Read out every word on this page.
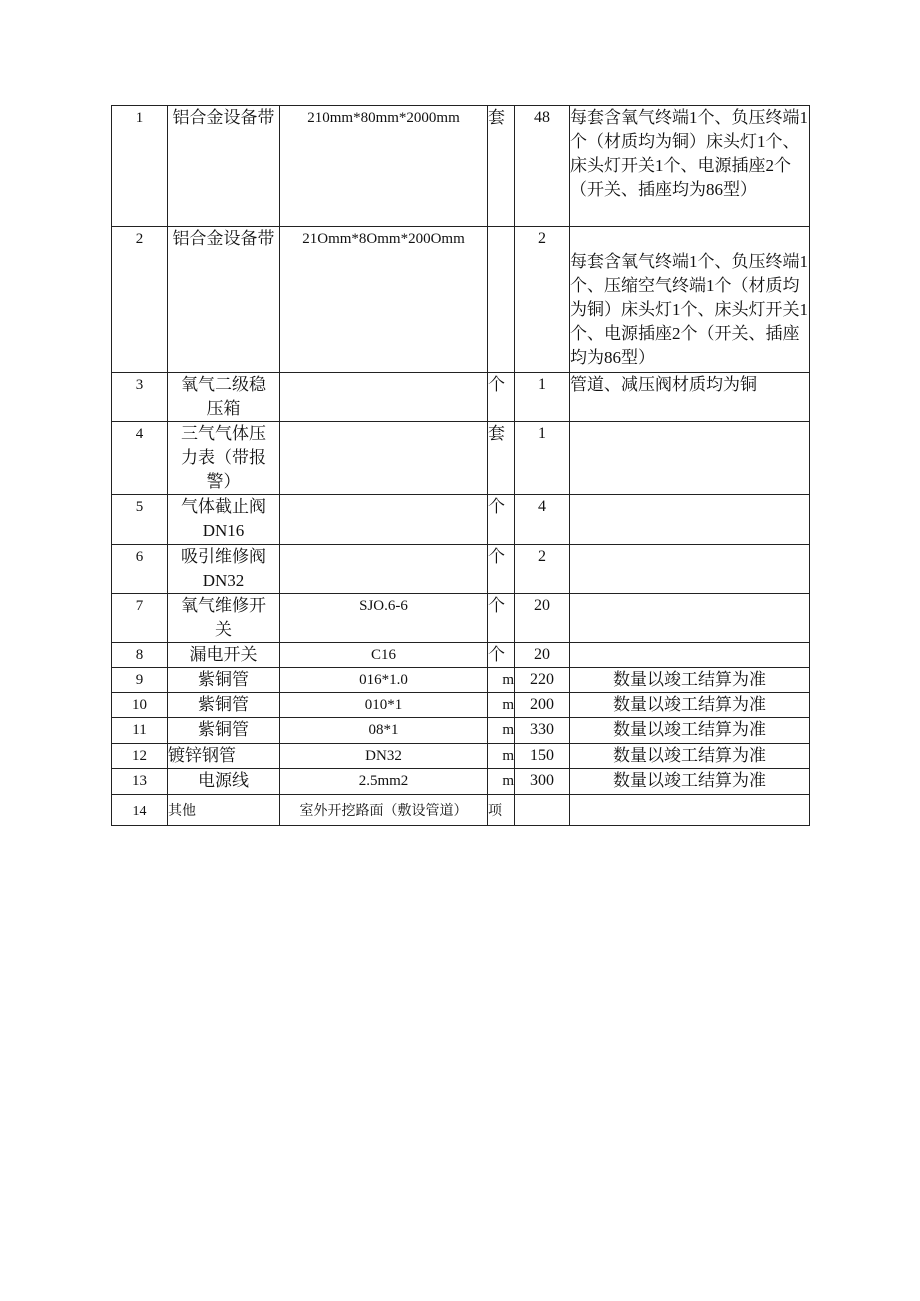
1	铝合金设备带	210mm*80mm*2000mm	套	48	每套含氧气终端1个、负压终端1个（材质均为铜）床头灯1个、床头灯开关1个、电源插座2个（开关、插座均为86型）
2	铝合金设备带	21Omm*8Omm*200Omm		2	每套含氧气终端1个、负压终端1个、压缩空气终端1个（材质均为铜）床头灯1个、床头灯开关1个、电源插座2个（开关、插座均为86型）
3	氧气二级稳压箱		个	1	管道、减压阀材质均为铜
4	三气气体压力表（带报警）		套	1	
5	气体截止阀DN16		个	4	
6	吸引维修阀DN32		个	2	
7	氧气维修开关	SJO.6-6	个	20	
8	漏电开关	C16	个	20	
9	紫铜管	016*1.0	m	220	数量以竣工结算为准
10	紫铜管	010*1	m	200	数量以竣工结算为准
11	紫铜管	08*1	m	330	数量以竣工结算为准
12	镀锌钢管	DN32	m	150	数量以竣工结算为准
13	电源线	2.5mm2	m	300	数量以竣工结算为准
14	其他	室外开挖路面（敷设管道）	项		
